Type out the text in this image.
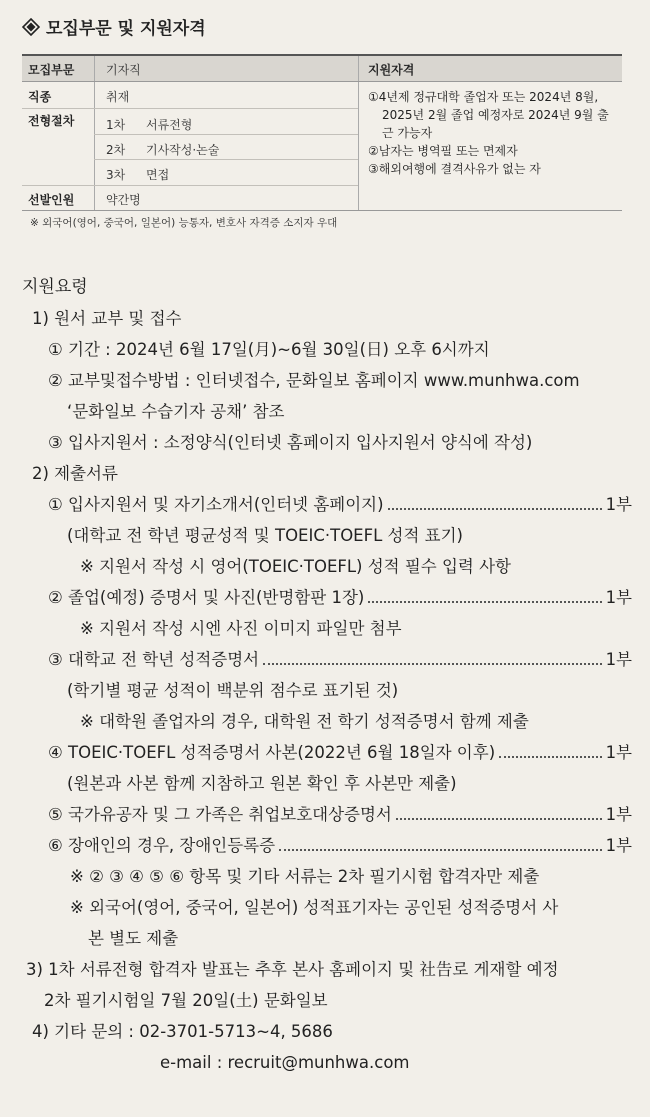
모집부문 및 지원자격
모집부문	기자직	지원자격
직종	취재
전형절차	1차 서류전형
2차 기사작성·논술
3차 면접
선발인원	약간명
①4년제 정규대학 졸업자 또는 2024년 8월, 2025년 2월 졸업 예정자로 2024년 9월 출근 가능자
②남자는 병역필 또는 면제자
③해외여행에 결격사유가 없는 자
※ 외국어(영어, 중국어, 일본어) 능통자, 변호사 자격증 소지자 우대
지원요령
1) 원서 교부 및 접수
① 기간 : 2024년 6월 17일(月)~6월 30일(日) 오후 6시까지
② 교부및접수방법 : 인터넷접수, 문화일보 홈페이지 www.munhwa.com
‘문화일보 수습기자 공채’ 참조
③ 입사지원서 : 소정양식(인터넷 홈페이지 입사지원서 양식에 작성)
2) 제출서류
① 입사지원서 및 자기소개서(인터넷 홈페이지)	1부
(대학교 전 학년 평균성적 및 TOEIC·TOEFL 성적 표기)
※ 지원서 작성 시 영어(TOEIC·TOEFL) 성적 필수 입력 사항
② 졸업(예정) 증명서 및 사진(반명함판 1장)	1부
※ 지원서 작성 시엔 사진 이미지 파일만 첨부
③ 대학교 전 학년 성적증명서	1부
(학기별 평균 성적이 백분위 점수로 표기된 것)
※ 대학원 졸업자의 경우, 대학원 전 학기 성적증명서 함께 제출
④ TOEIC·TOEFL 성적증명서 사본(2022년 6월 18일자 이후)	1부
(원본과 사본 함께 지참하고 원본 확인 후 사본만 제출)
⑤ 국가유공자 및 그 가족은 취업보호대상증명서	1부
⑥ 장애인의 경우, 장애인등록증	1부
※ ② ③ ④ ⑤ ⑥ 항목 및 기타 서류는 2차 필기시험 합격자만 제출
※ 외국어(영어, 중국어, 일본어) 성적표기자는 공인된 성적증명서 사
본 별도 제출
3) 1차 서류전형 합격자 발표는 추후 본사 홈페이지 및 社告로 게재할 예정
2차 필기시험일 7월 20일(土) 문화일보
4) 기타 문의 : 02-3701-5713~4, 5686
e-mail : recruit@munhwa.com
